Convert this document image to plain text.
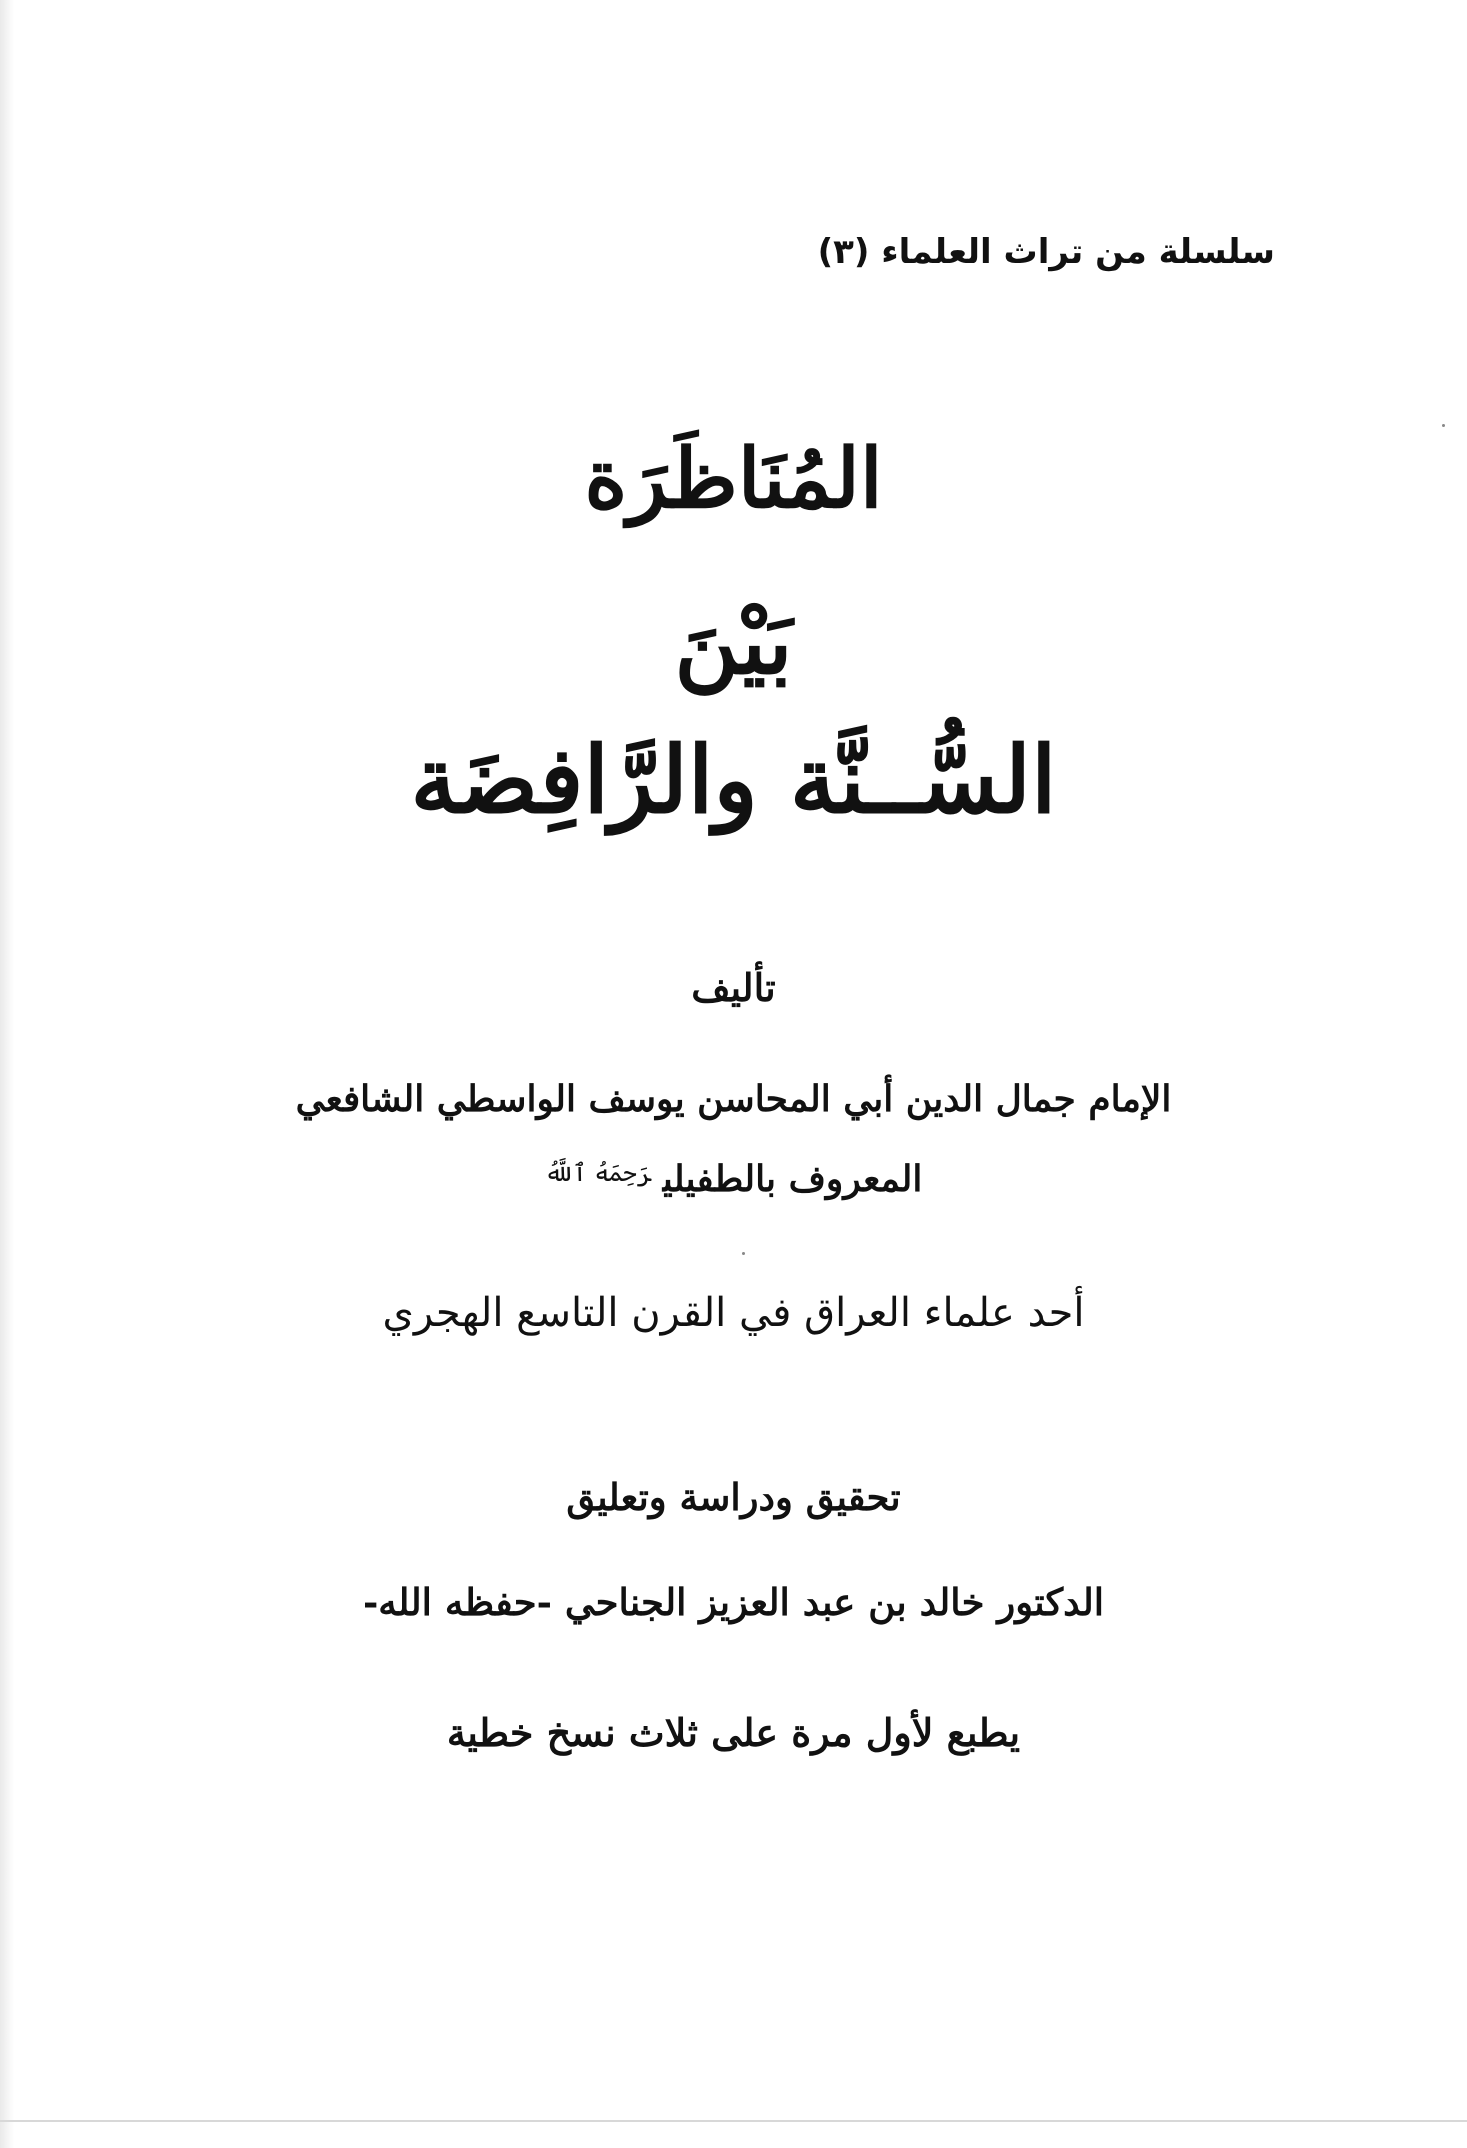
سلسلة من تراث العلماء (٣)
المُنَاظَرَة
بَيْنَ
السُّــنَّة والرَّافِضَة
تأليف
الإمام جمال الدين أبي المحاسن يوسف الواسطي الشافعي
المعروف بالطفيلي$^{رَحِمَهُ ٱللَّهُ}$
أحد علماء العراق في القرن التاسع الهجري
تحقيق ودراسة وتعليق
الدكتور خالد بن عبد العزيز الجناحي -حفظه الله-
يطبع لأول مرة على ثلاث نسخ خطية
